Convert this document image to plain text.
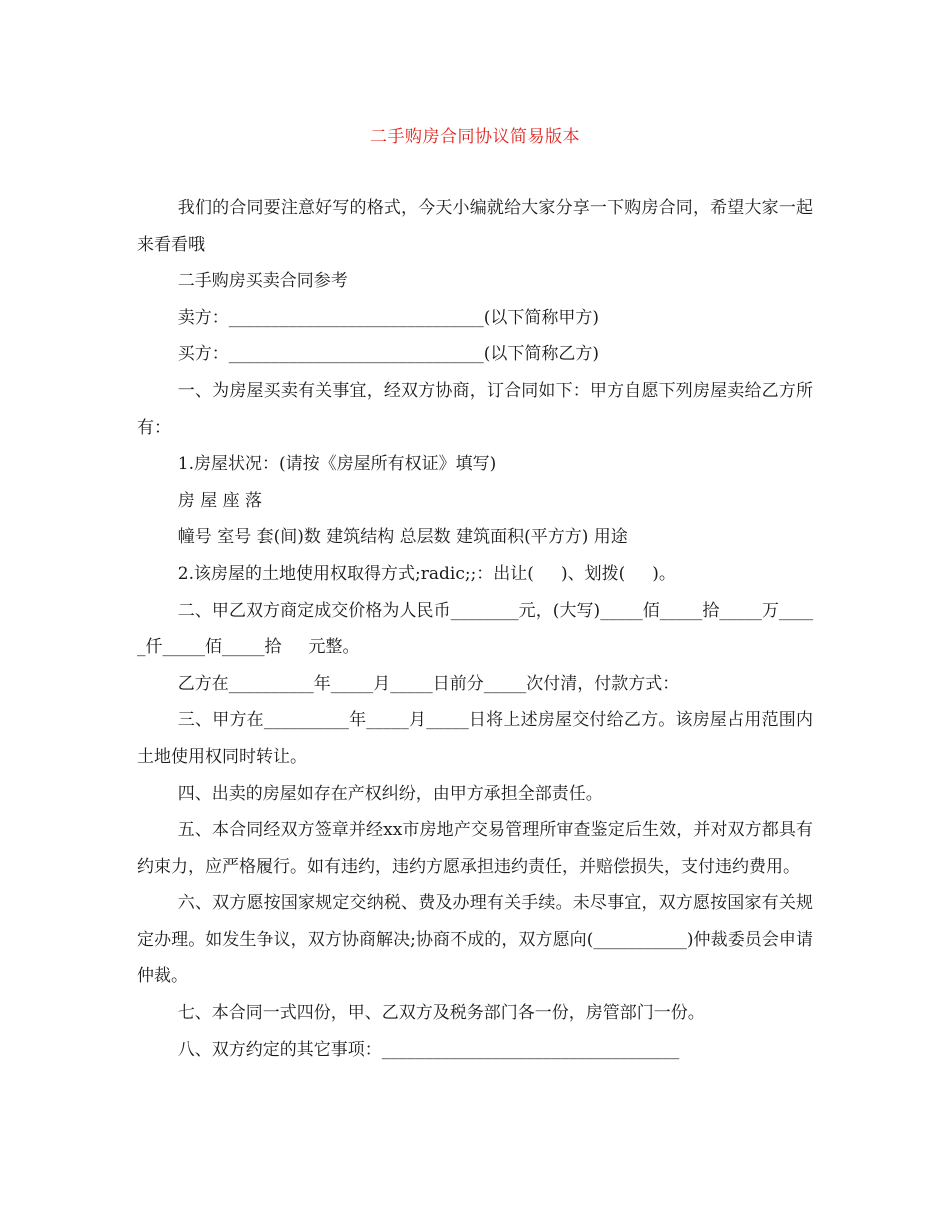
二手购房合同协议简易版本

我们的合同要注意好写的格式，今天小编就给大家分享一下购房合同，希望大家一起来看看哦

二手购房买卖合同参考

卖方：______________________________(以下简称甲方)

买方：______________________________(以下简称乙方)

一、为房屋买卖有关事宜，经双方协商，订合同如下：甲方自愿下列房屋卖给乙方所有：

1.房屋状况：(请按《房屋所有权证》填写)

房 屋 座 落

幢号 室号 套(间)数 建筑结构 总层数 建筑面积(平方方) 用途

2.该房屋的土地使用权取得方式;radic;;：出让(     )、划拨(     )。

二、甲乙双方商定成交价格为人民币________元，(大写)_____佰_____拾_____万_____仟_____佰_____拾     元整。

乙方在__________年_____月_____日前分_____次付清，付款方式：

三、甲方在__________年_____月_____日将上述房屋交付给乙方。该房屋占用范围内土地使用权同时转让。

四、出卖的房屋如存在产权纠纷，由甲方承担全部责任。

五、本合同经双方签章并经xx市房地产交易管理所审查鉴定后生效，并对双方都具有约束力，应严格履行。如有违约，违约方愿承担违约责任，并赔偿损失，支付违约费用。

六、双方愿按国家规定交纳税、费及办理有关手续。未尽事宜，双方愿按国家有关规定办理。如发生争议，双方协商解决;协商不成的，双方愿向(___________)仲裁委员会申请仲裁。

七、本合同一式四份，甲、乙双方及税务部门各一份，房管部门一份。

八、双方约定的其它事项：___________________________________
